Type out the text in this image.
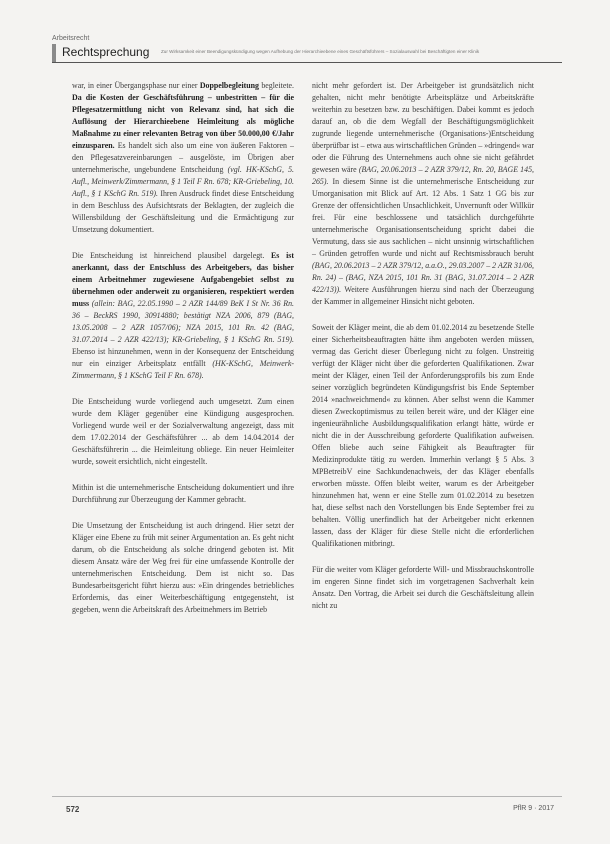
Arbeitsrecht
Rechtsprechung	Zur Wirksamkeit einer Beendigungskündigung wegen Aufhebung der Hierarchieebene eines Geschäftsführers – Sozialauswahl bei Beschäftigten einer Klinik

war, in einer Übergangsphase nur einer Doppelbegleitung begleitete. Da die Kosten der Geschäftsführung – unbestritten – für die Pflegesatzermittlung nicht von Relevanz sind, hat sich die Auflösung der Hierarchieebene Heimleitung als mögliche Maßnahme zu einer relevanten Betrag von über 50.000,00 €/Jahr einzusparen. Es handelt sich also um eine von äußeren Faktoren – den Pflegesatzvereinbarungen – ausgelöste, im Übrigen aber unternehmerische, ungebundene Entscheidung (vgl. HK-KSchG, 5. Aufl., Meinwerk/Zimmermann, § 1 Teil F Rn. 678; KR-Griebeling, 10. Aufl., § 1 KSchG Rn. 519). Ihren Ausdruck findet diese Entscheidung in dem Beschluss des Aufsichtsrats der Beklagten, der zugleich die Willensbildung der Geschäftsleitung und die Ermächtigung zur Umsetzung dokumentiert.

Die Entscheidung ist hinreichend plausibel dargelegt. Es ist anerkannt, dass der Entschluss des Arbeitgebers, das bisher einem Arbeitnehmer zugewiesene Aufgabengebiet selbst zu übernehmen oder anderweit zu organisieren, respektiert werden muss (allein: BAG, 22.05.1990 – 2 AZR 144/89 BeK I St Nr. 36 Rn. 36 – BeckRS 1990, 30914880; bestätigt NZA 2006, 879 (BAG, 13.05.2008 – 2 AZR 1057/06); NZA 2015, 101 Rn. 42 (BAG, 31.07.2014 – 2 AZR 422/13); KR-Griebeling, § 1 KSchG Rn. 519). Ebenso ist hinzunehmen, wenn in der Konsequenz der Entscheidung nur ein einziger Arbeitsplatz entfällt (HK-KSchG, Meinwerk-Zimmermann, § 1 KSchG Teil F Rn. 678).

Die Entscheidung wurde vorliegend auch umgesetzt. Zum einen wurde dem Kläger gegenüber eine Kündigung ausgesprochen. Vorliegend wurde weil er der Sozialverwaltung angezeigt, dass mit dem 17.02.2014 der Geschäftsführer ... ab dem 14.04.2014 der Geschäftsführerin ... die Heimleitung obliege. Ein neuer Heimleiter wurde, soweit ersichtlich, nicht eingestellt.

Mithin ist die unternehmerische Entscheidung dokumentiert und ihre Durchführung zur Überzeugung der Kammer gebracht.

Die Umsetzung der Entscheidung ist auch dringend. Hier setzt der Kläger eine Ebene zu früh mit seiner Argumentation an. Es geht nicht darum, ob die Entscheidung als solche dringend geboten ist. Mit diesem Ansatz wäre der Weg frei für eine umfassende Kontrolle der unternehmerischen Entscheidung. Dem ist nicht so. Das Bundesarbeitsgericht führt hierzu aus: »Ein dringendes betriebliches Erfordernis, das einer Weiterbeschäftigung entgegensteht, ist gegeben, wenn die Arbeitskraft des Arbeitnehmers im Betrieb

nicht mehr gefordert ist. Der Arbeitgeber ist grundsätzlich nicht gehalten, nicht mehr benötigte Arbeitsplätze und Arbeitskräfte weiterhin zu besetzen bzw. zu beschäftigen. Dabei kommt es jedoch darauf an, ob die dem Wegfall der Beschäftigungsmöglichkeit zugrunde liegende unternehmerische (Organisations-)Entscheidung überprüfbar ist – etwa aus wirtschaftlichen Gründen – »dringend« war oder die Führung des Unternehmens auch ohne sie nicht gefährdet gewesen wäre (BAG, 20.06.2013 – 2 AZR 379/12, Rn. 20, BAGE 145, 265). In diesem Sinne ist die unternehmerische Entscheidung zur Umorganisation mit Blick auf Art. 12 Abs. 1 Satz 1 GG bis zur Grenze der offensichtlichen Unsachlichkeit, Unvernunft oder Willkür frei. Für eine beschlossene und tatsächlich durchgeführte unternehmerische Organisationsentscheidung spricht dabei die Vermutung, dass sie aus sachlichen – nicht unsinnig wirtschaftlichen – Gründen getroffen wurde und nicht auf Rechtsmissbrauch beruht (BAG, 20.06.2013 – 2 AZR 379/12, a.a.O., 29.03.2007 – 2 AZR 31/06, Rn. 24) – (BAG, NZA 2015, 101 Rn. 31 (BAG, 31.07.2014 – 2 AZR 422/13)). Weitere Ausführungen hierzu sind nach der Überzeugung der Kammer in allgemeiner Hinsicht nicht geboten.

Soweit der Kläger meint, die ab dem 01.02.2014 zu besetzende Stelle einer Sicherheitsbeauftragten hätte ihm angeboten werden müssen, vermag das Gericht dieser Überlegung nicht zu folgen. Unstreitig verfügt der Kläger nicht über die geforderten Qualifikationen. Zwar meint der Kläger, einen Teil der Anforderungsprofils bis zum Ende seiner vorzüglich begründeten Kündigungsfrist bis Ende September 2014 »nachweichmend« zu können. Aber selbst wenn die Kammer diesen Zweckoptimismus zu teilen bereit wäre, und der Kläger eine ingenieurähnliche Ausbildungsqualifikation erlangt hätte, würde er nicht die in der Ausschreibung geforderte Qualifikation aufweisen. Offen bliebe auch seine Fähigkeit als Beauftragter für Medizinprodukte tätig zu werden. Immerhin verlangt § 5 Abs. 3 MPBetreibV eine Sachkundenachweis, der das Kläger ebenfalls erworben müsste. Offen bleibt weiter, warum es der Arbeitgeber hinzunehmen hat, wenn er eine Stelle zum 01.02.2014 zu besetzen hat, diese selbst nach den Vorstellungen bis Ende September frei zu behalten. Völlig unerfindlich hat der Arbeitgeber nicht erkennen lassen, dass der Kläger für diese Stelle nicht die erforderlichen Qualifikationen mitbringt.

Für die weiter vom Kläger geforderte Will- und Missbrauchskontrolle im engeren Sinne findet sich im vorgetragenen Sachverhalt kein Ansatz. Den Vortrag, die Arbeit sei durch die Geschäftsleitung allein nicht zu

572	PflR 9 · 2017
